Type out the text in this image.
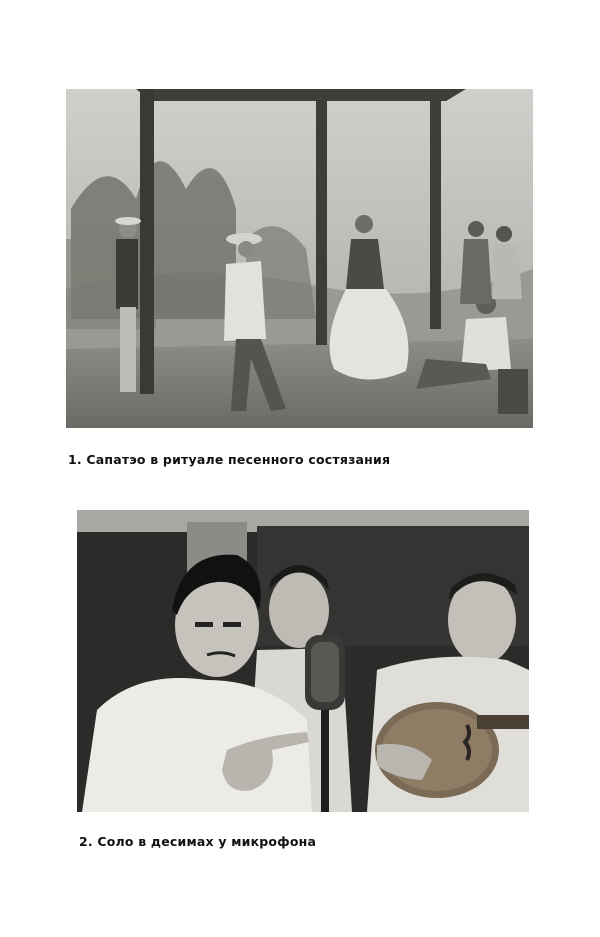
1. Сапатэо в ритуале песенного состязания
2. Соло в десимах у микрофона
